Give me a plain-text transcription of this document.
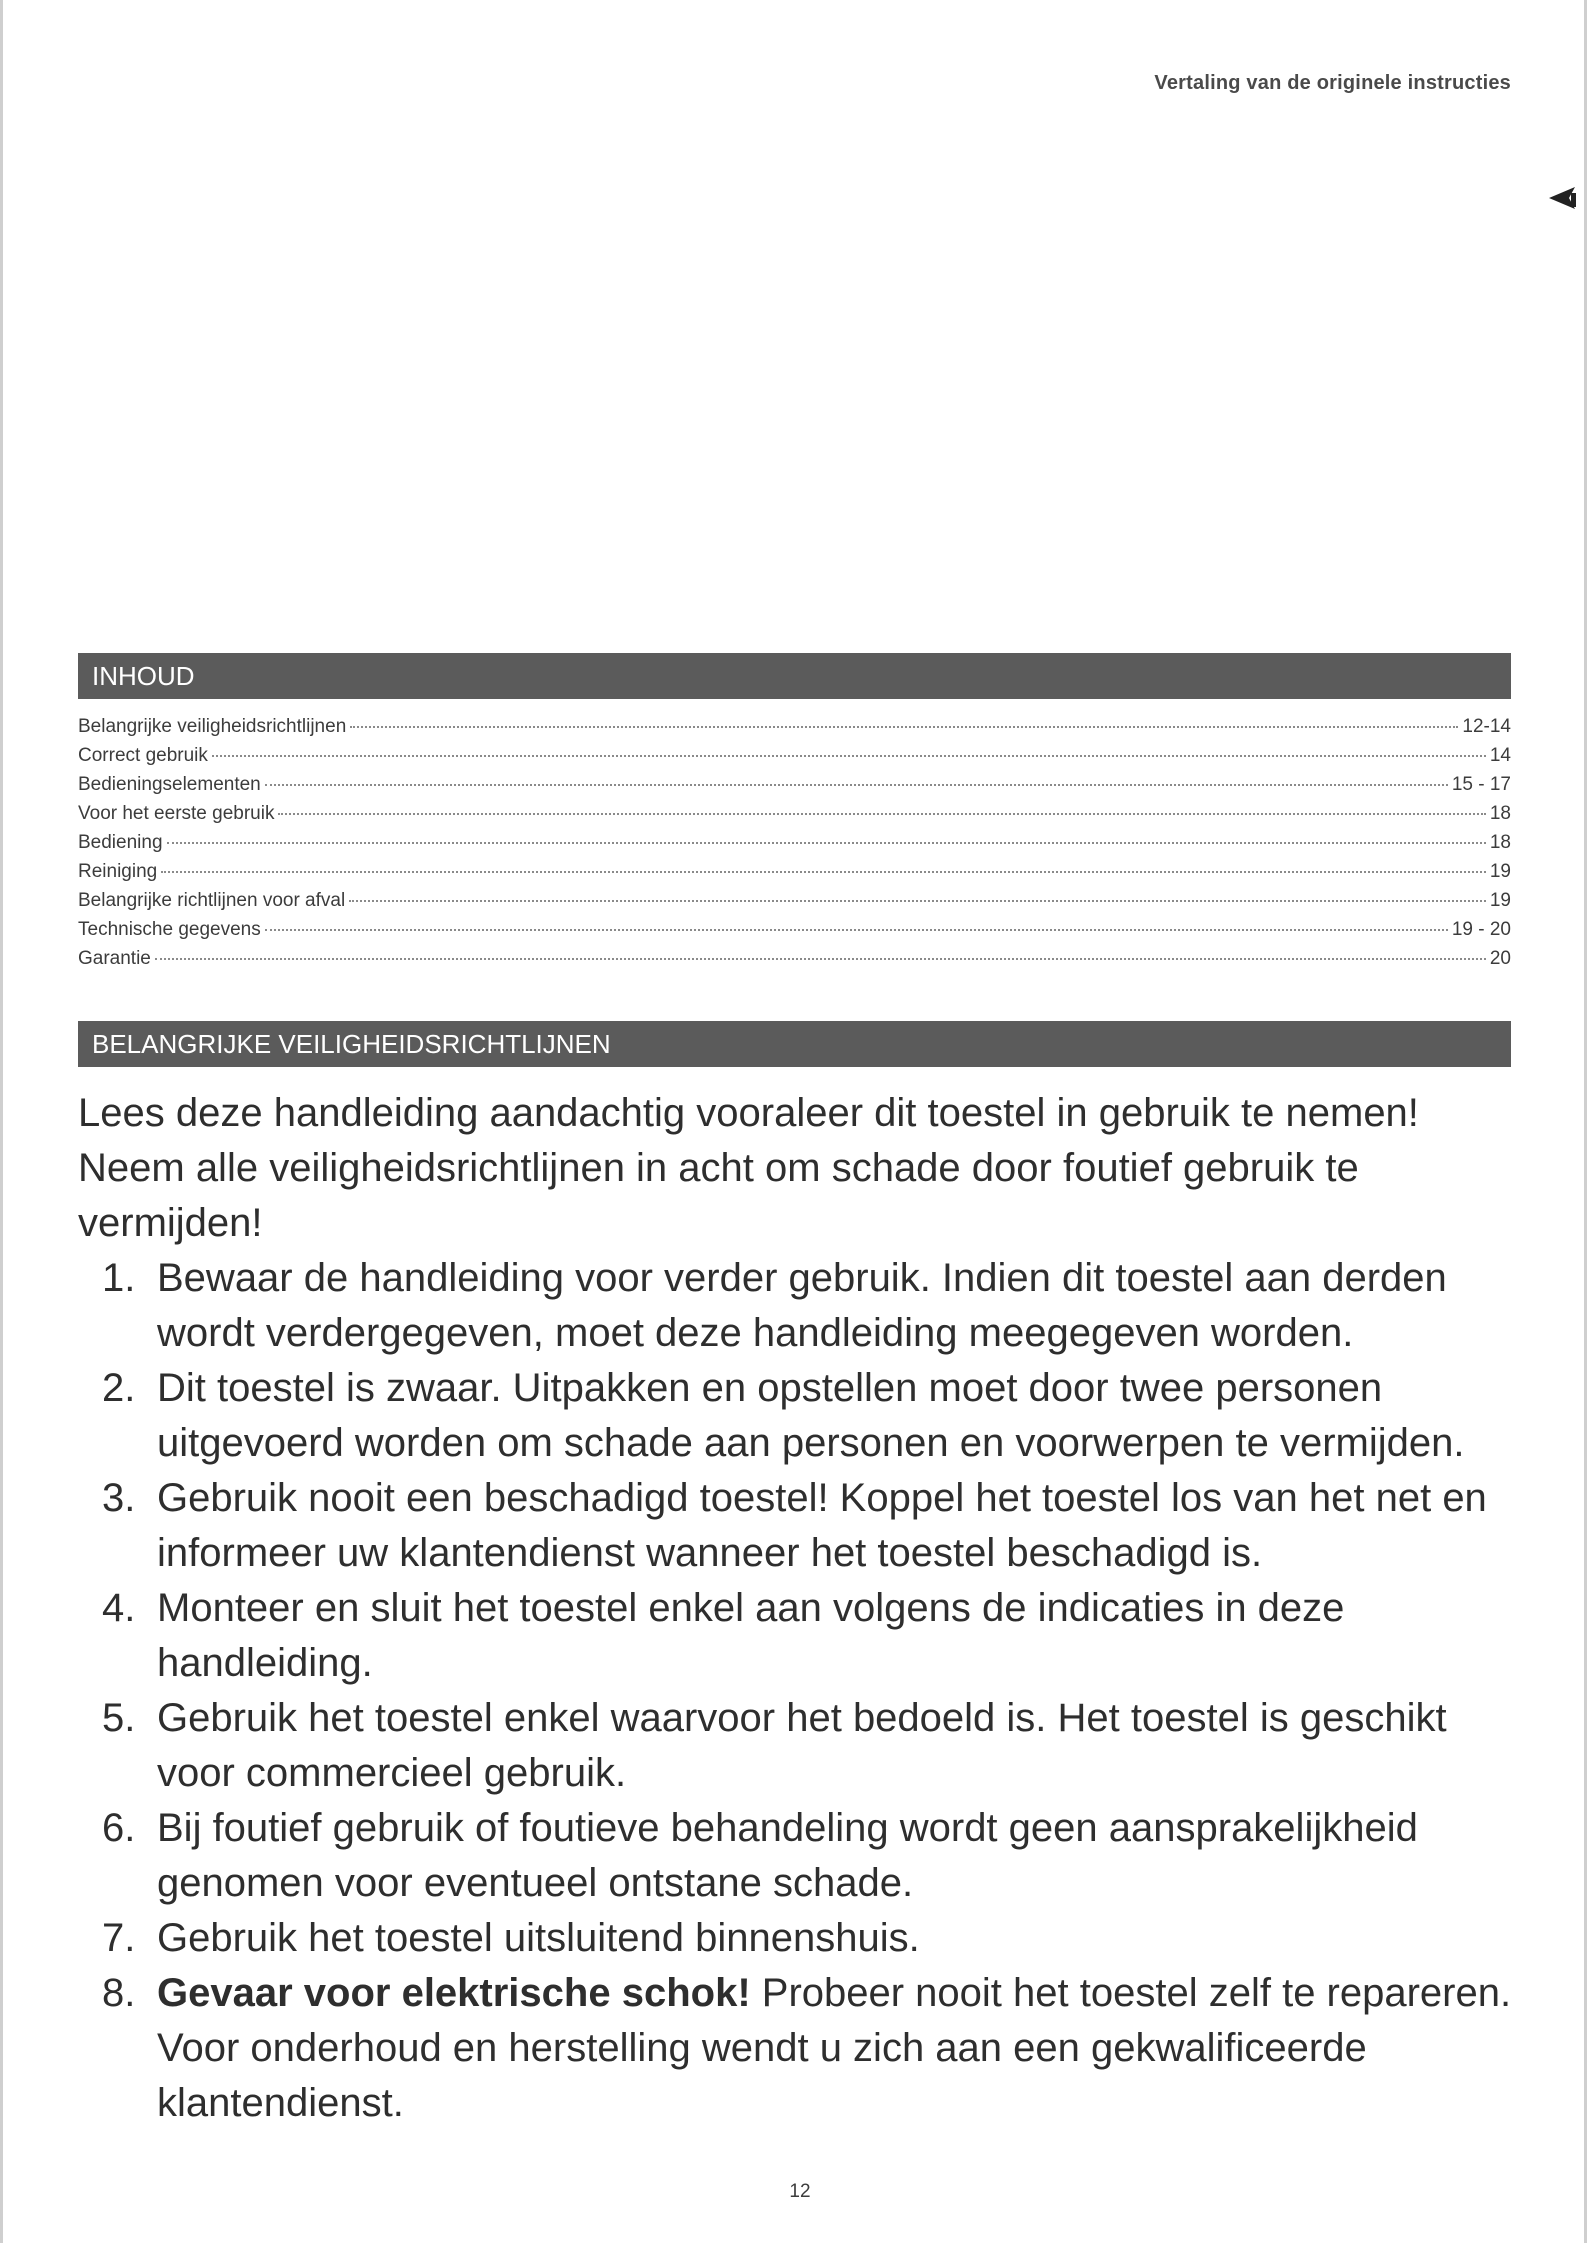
Vertaling van de originele instructies
INHOUD
Belangrijke veiligheidsrichtlijnen	12-14
Correct gebruik	14
Bedieningselementen	15 - 17
Voor het eerste gebruik	18
Bediening	18
Reiniging	19
Belangrijke richtlijnen voor afval	19
Technische gegevens	19 - 20
Garantie	20
BELANGRIJKE VEILIGHEIDSRICHTLIJNEN

Lees deze handleiding aandachtig vooraleer dit toestel in gebruik te nemen! Neem alle veiligheidsrichtlijnen in acht om schade door foutief gebruik te vermijden!

1. Bewaar de handleiding voor verder gebruik. Indien dit toestel aan derden wordt verdergegeven, moet deze handleiding meegegeven worden.
2. Dit toestel is zwaar. Uitpakken en opstellen moet door twee personen uitgevoerd worden om schade aan personen en voorwerpen te vermijden.
3. Gebruik nooit een beschadigd toestel! Koppel het toestel los van het net en informeer uw klantendienst wanneer het toestel beschadigd is.
4. Monteer en sluit het toestel enkel aan volgens de indicaties in deze handleiding.
5. Gebruik het toestel enkel waarvoor het bedoeld is. Het toestel is geschikt voor commercieel gebruik.
6. Bij foutief gebruik of foutieve behandeling wordt geen aansprakelijkheid genomen voor eventueel ontstane schade.
7. Gebruik het toestel uitsluitend binnenshuis.
8. Gevaar voor elektrische schok! Probeer nooit het toestel zelf te repareren. Voor onderhoud en herstelling wendt u zich aan een gekwalificeerde klantendienst.
12
